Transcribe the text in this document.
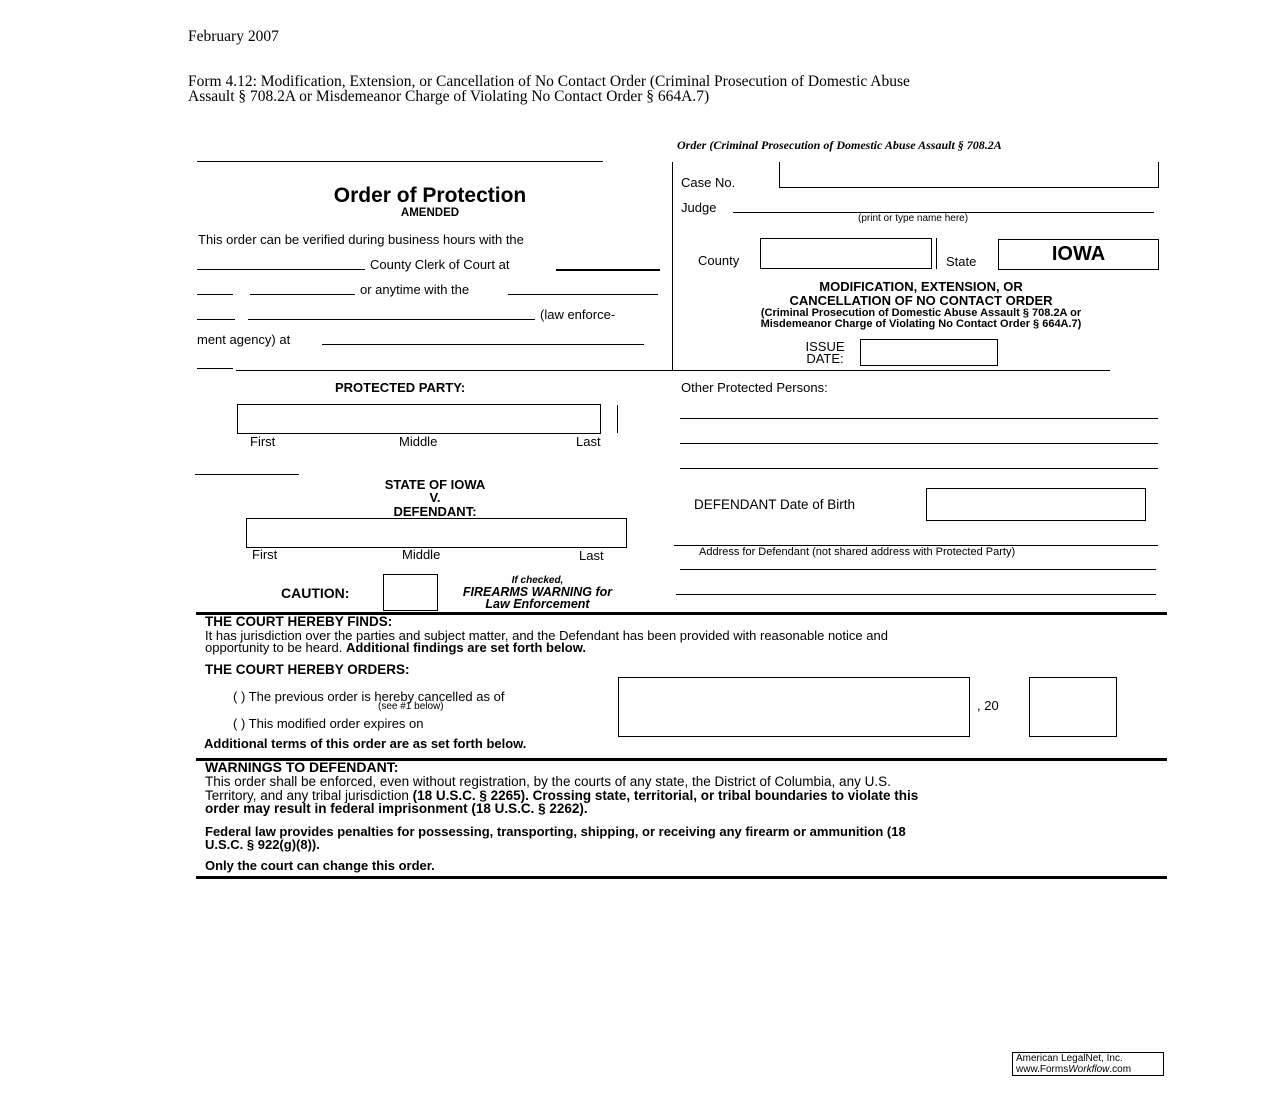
February 2007
Form 4.12: Modification, Extension, or Cancellation of No Contact Order (Criminal Prosecution of Domestic Abuse
Assault § 708.2A or Misdemeanor Charge of Violating No Contact Order § 664A.7)
Order (Criminal Prosecution of Domestic Abuse Assault § 708.2A
Order of Protection
AMENDED
This order can be verified during business hours with the
County Clerk of Court at
or anytime with the
(law enforce-
ment agency) at
Case No.
Judge
(print or type name here)
County	State	IOWA
MODIFICATION, EXTENSION, OR
CANCELLATION OF NO CONTACT ORDER
(Criminal Prosecution of Domestic Abuse Assault § 708.2A or
Misdemeanor Charge of Violating No Contact Order § 664A.7)
ISSUE
DATE:
PROTECTED PARTY:
First	Middle	Last
Other Protected Persons:
STATE OF IOWA
V.
DEFENDANT:
First	Middle	Last
DEFENDANT Date of Birth
Address for Defendant (not shared address with Protected Party)
CAUTION:
If checked,
FIREARMS WARNING for
Law Enforcement
THE COURT HEREBY FINDS:
It has jurisdiction over the parties and subject matter, and the Defendant has been provided with reasonable notice and
opportunity to be heard. Additional findings are set forth below.
THE COURT HEREBY ORDERS:
( ) The previous order is hereby cancelled as of
(see #1 below)
( ) This modified order expires on
, 20
Additional terms of this order are as set forth below.
WARNINGS TO DEFENDANT:
This order shall be enforced, even without registration, by the courts of any state, the District of Columbia, any U.S.
Territory, and any tribal jurisdiction (18 U.S.C. § 2265). Crossing state, territorial, or tribal boundaries to violate this
order may result in federal imprisonment (18 U.S.C. § 2262).
Federal law provides penalties for possessing, transporting, shipping, or receiving any firearm or ammunition (18
U.S.C. § 922(g)(8)).
Only the court can change this order.
American LegalNet, Inc.
www.FormsWorkflow.com
